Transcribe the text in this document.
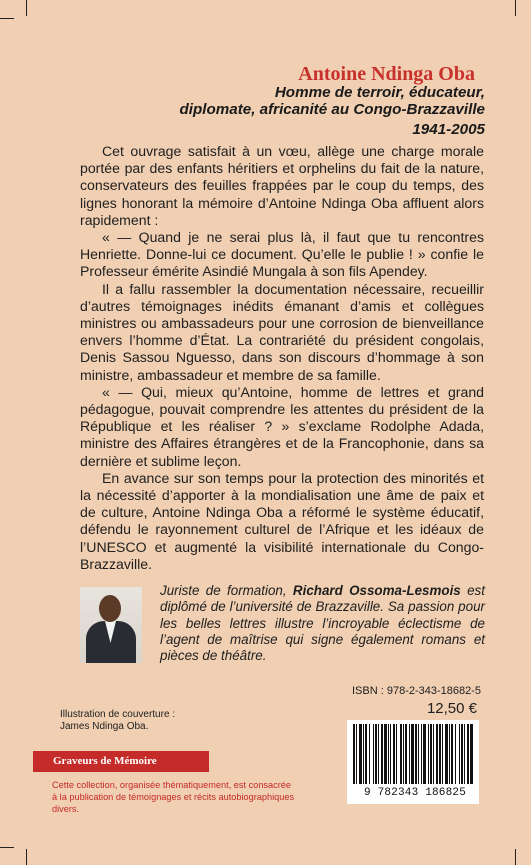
Antoine Ndinga Oba
Homme de terroir, éducateur,
diplomate, africanité au Congo-Brazzaville
1941-2005

Cet ouvrage satisfait à un vœu, allège une charge morale portée par des enfants héritiers et orphelins du fait de la nature, conservateurs des feuilles frappées par le coup du temps, des lignes honorant la mémoire d’Antoine Ndinga Oba affluent alors rapidement :

« — Quand je ne serai plus là, il faut que tu rencontres Henriette. Donne-lui ce document. Qu’elle le publie ! » confie le Professeur émérite Asindié Mungala à son fils Apendey.

Il a fallu rassembler la documentation nécessaire, recueillir d’autres témoignages inédits émanant d’amis et collègues ministres ou ambassadeurs pour une corrosion de bienveillance envers l’homme d’État. La contrariété du président congolais, Denis Sassou Nguesso, dans son discours d’hommage à son ministre, ambassadeur et membre de sa famille.

« — Qui, mieux qu’Antoine, homme de lettres et grand pédagogue, pouvait comprendre les attentes du président de la République et les réaliser ? » s’exclame Rodolphe Adada, ministre des Affaires étrangères et de la Francophonie, dans sa dernière et sublime leçon.

En avance sur son temps pour la protection des minorités et la nécessité d’apporter à la mondialisation une âme de paix et de culture, Antoine Ndinga Oba a réformé le système éducatif, défendu le rayonnement culturel de l’Afrique et les idéaux de l’UNESCO et augmenté la visibilité internationale du Congo-Brazzaville.

Juriste de formation, Richard Ossoma-Lesmois est diplômé de l’université de Brazzaville. Sa passion pour les belles lettres illustre l’incroyable éclectisme de l’agent de maîtrise qui signe également romans et pièces de théâtre.
ISBN : 978-2-343-18682-5
12,50 €
Illustration de couverture :
James Ndinga Oba.
9 782343 186825
Graveurs de Mémoire
Cette collection, organisée thématiquement, est consacrée
à la publication de témoignages et récits autobiographiques divers.
